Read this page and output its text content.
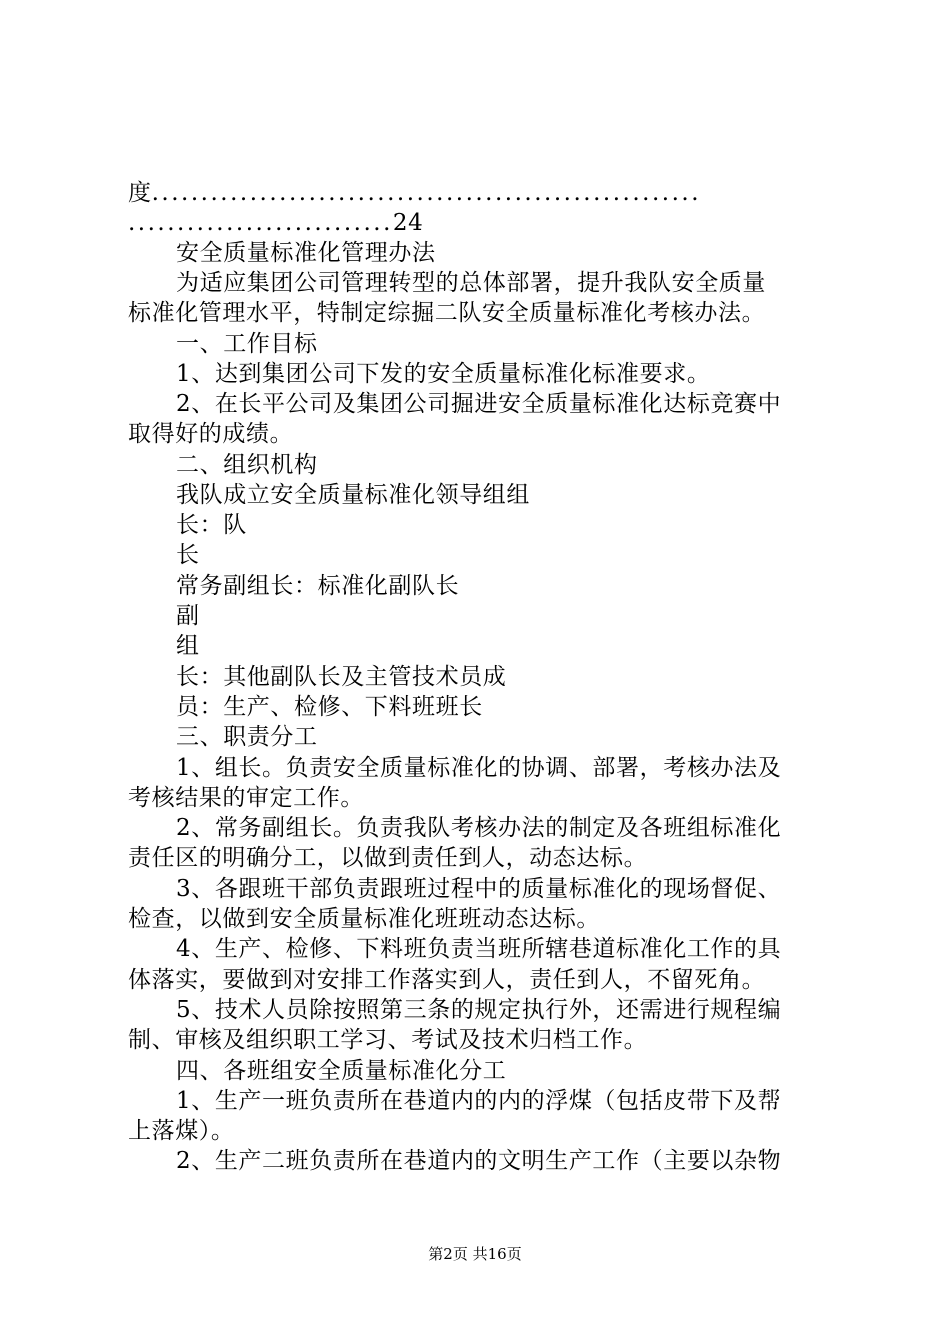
度........................................................
...........................24
安全质量标准化管理办法
为适应集团公司管理转型的总体部署，提升我队安全质量
标准化管理水平，特制定综掘二队安全质量标准化考核办法。
一、工作目标
1、达到集团公司下发的安全质量标准化标准要求。
2、在长平公司及集团公司掘进安全质量标准化达标竞赛中
取得好的成绩。
二、组织机构
我队成立安全质量标准化领导组组
长：队
长
常务副组长：标准化副队长
副
组
长：其他副队长及主管技术员成
员：生产、检修、下料班班长
三、职责分工
1、组长。负责安全质量标准化的协调、部署，考核办法及
考核结果的审定工作。
2、常务副组长。负责我队考核办法的制定及各班组标准化
责任区的明确分工，以做到责任到人，动态达标。
3、各跟班干部负责跟班过程中的质量标准化的现场督促、
检查，以做到安全质量标准化班班动态达标。
4、生产、检修、下料班负责当班所辖巷道标准化工作的具
体落实，要做到对安排工作落实到人，责任到人，不留死角。
5、技术人员除按照第三条的规定执行外，还需进行规程编
制、审核及组织职工学习、考试及技术归档工作。
四、各班组安全质量标准化分工
1、生产一班负责所在巷道内的内的浮煤（包括皮带下及帮
上落煤）。
2、生产二班负责所在巷道内的文明生产工作（主要以杂物
第2页 共16页
